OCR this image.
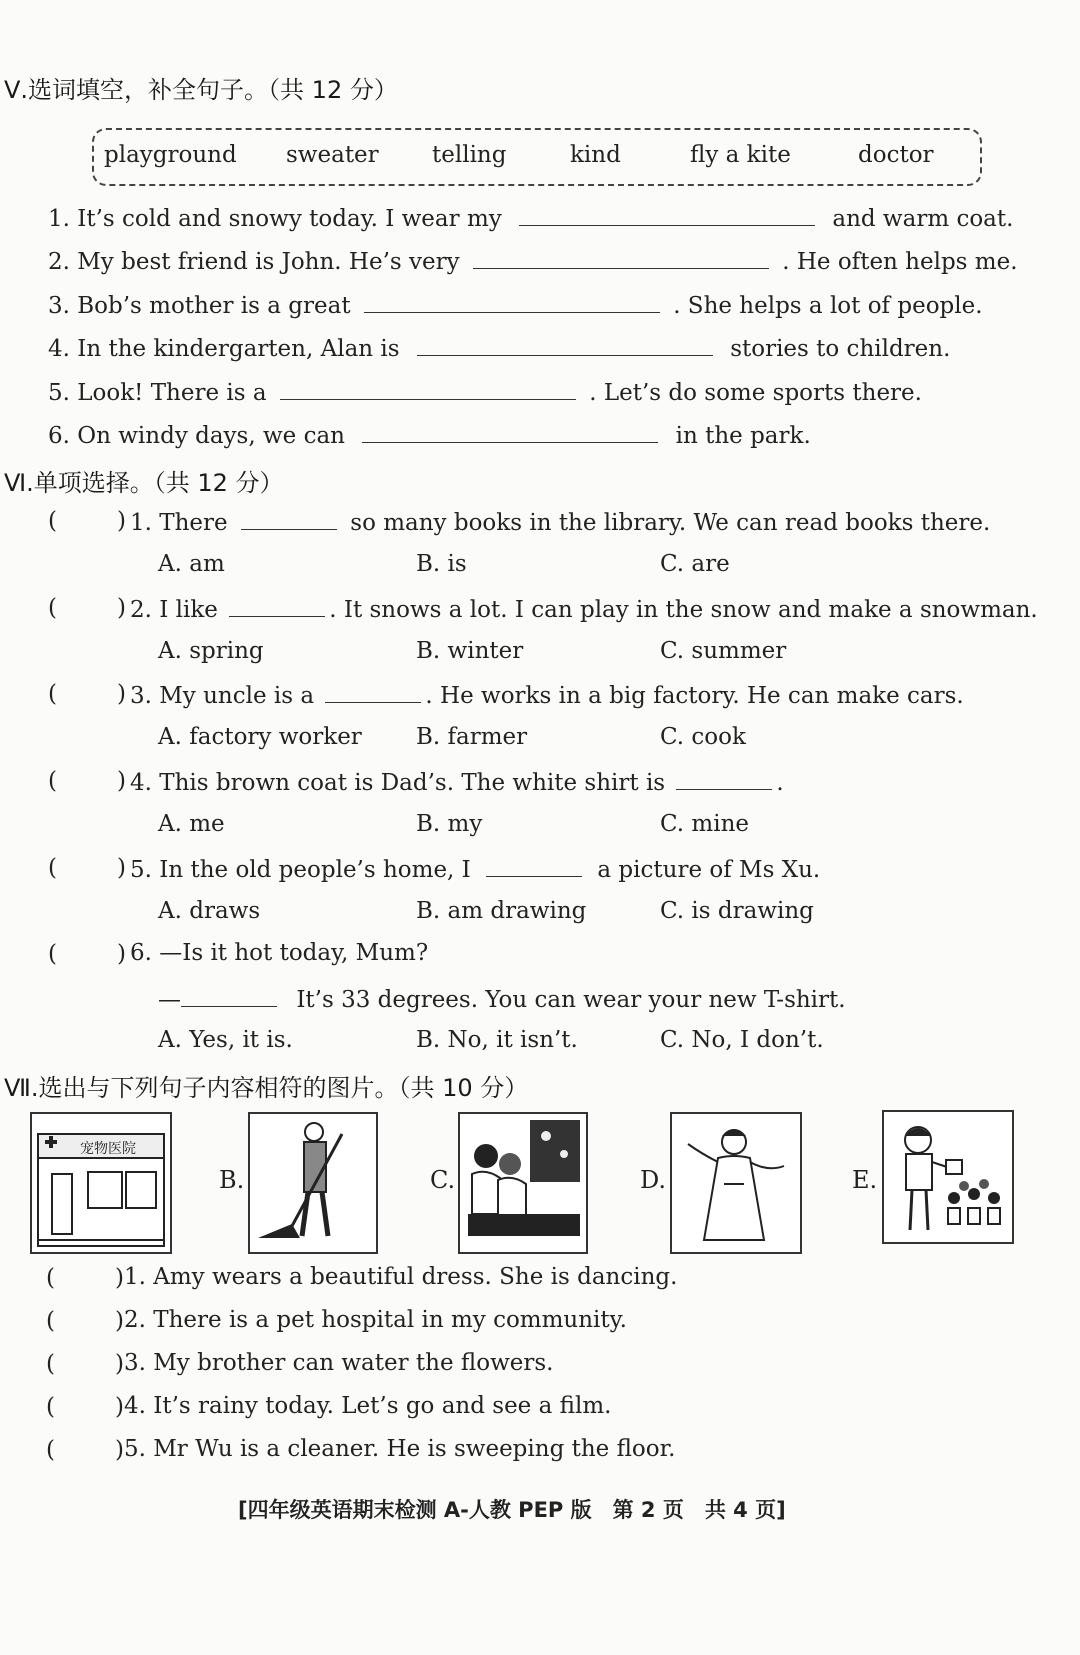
Ⅴ.选词填空，补全句子。（共 12 分）
playground sweater telling	kind	fly a kite	doctor
1. It’s cold and snowy today. I wear my	and warm coat.
2. My best friend is John. He’s very	. He often helps me.
3. Bob’s mother is a great	. She helps a lot of people.
4. In the kindergarten, Alan is	stories to children.
5. Look! There is a	. Let’s do some sports there.
6. On windy days, we can	in the park.
Ⅵ.单项选择。（共 12 分）
(	) 1. There	so many books in the library. We can read books there.
A. am	B. is	C. are
(	) 2. I like	. It snows a lot. I can play in the snow and make a snowman.
A. spring	B. winter	C. summer
(	) 3. My uncle is a	. He works in a big factory. He can make cars.
A. factory worker B. farmer	C. cook
(	) 4. This brown coat is Dad’s. The white shirt is	.
A. me	B. my	C. mine
(	) 5. In the old people’s home, I	a picture of Ms Xu.
A. draws	B. am drawing	C. is drawing
(	) 6. —Is it hot today, Mum?
—	It’s 33 degrees. You can wear your new T-shirt.
A. Yes, it is.	B. No, it isn’t.	C. No, I don’t.
Ⅶ.选出与下列句子内容相符的图片。（共 10 分）
宠物医院
B.	C.	D.	E.
(	) 1. Amy wears a beautiful dress. She is dancing.
(	) 2. There is a pet hospital in my community.
(	) 3. My brother can water the flowers.
(	) 4. It’s rainy today. Let’s go and see a film.
(	) 5. Mr Wu is a cleaner. He is sweeping the floor.
[四年级英语期末检测 A-人教 PEP 版　第 2 页　共 4 页]
